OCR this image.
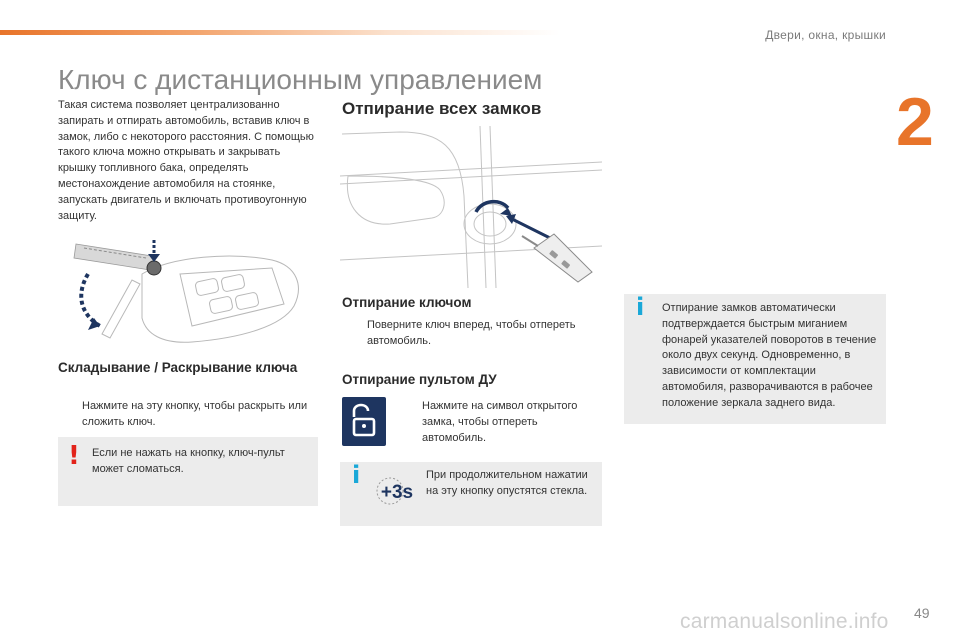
Двери, окна, крышки
2
Ключ с дистанционным управлением

Такая система позволяет централизованно запирать и отпирать автомобиль, вставив ключ в замок, либо с некоторого расстояния. С помощью такого ключа можно открывать и закрывать крышку топливного бака, определять местонахождение автомобиля на стоянке, запускать двигатель и включать противоугонную защиту.

Отпирание всех замков
Складывание / Раскрывание ключа
Нажмите на эту кнопку, чтобы раскрыть или сложить ключ.
! Если не нажать на кнопку, ключ-пульт может сломаться.
Отпирание ключом
Поверните ключ вперед, чтобы отпереть автомобиль.
Отпирание пультом ДУ
Нажмите на символ открытого замка, чтобы отпереть автомобиль.
i
+3s
При продолжительном нажатии на эту кнопку опустятся стекла.
i Отпирание замков автоматически подтверждается быстрым миганием фонарей указателей поворотов в течение около двух секунд. Одновременно, в зависимости от комплектации автомобиля, разворачиваются в рабочее положение зеркала заднего вида.
carmanualsonline.info 49
